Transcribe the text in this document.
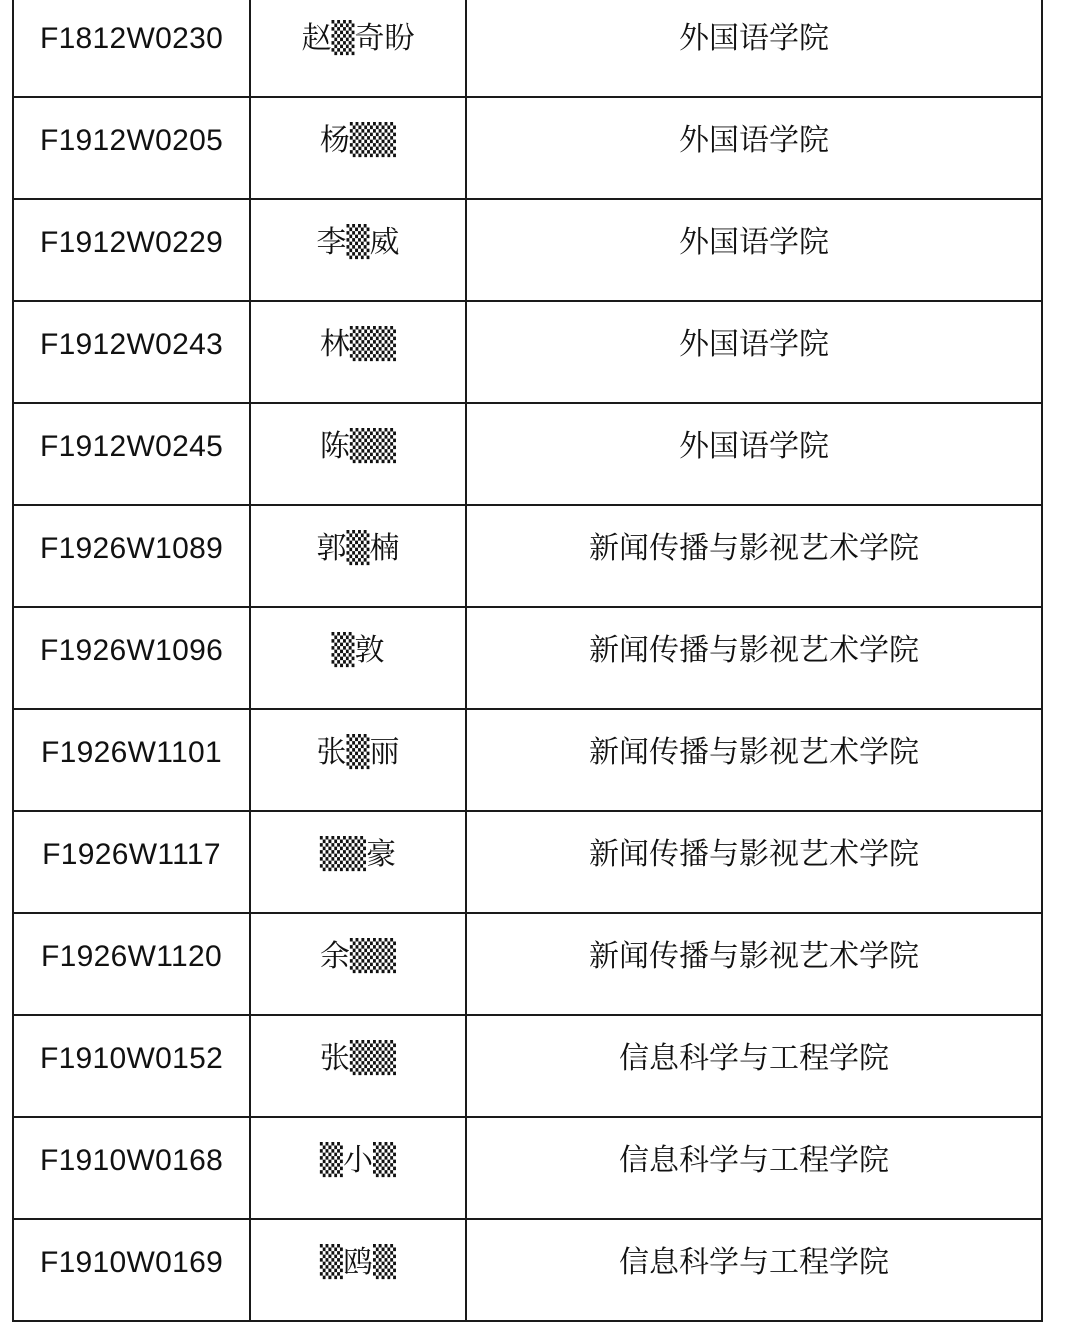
F1812W0230	赵▒奇盼	外国语学院
F1912W0205	杨▒▒	外国语学院
F1912W0229	李▒威	外国语学院
F1912W0243	林▒▒	外国语学院
F1912W0245	陈▒▒	外国语学院
F1926W1089	郭▒楠	新闻传播与影视艺术学院
F1926W1096	▒敦	新闻传播与影视艺术学院
F1926W1101	张▒丽	新闻传播与影视艺术学院
F1926W1117	▒▒豪	新闻传播与影视艺术学院
F1926W1120	余▒▒	新闻传播与影视艺术学院
F1910W0152	张▒▒	信息科学与工程学院
F1910W0168	▒小▒	信息科学与工程学院
F1910W0169	▒鸥▒	信息科学与工程学院
